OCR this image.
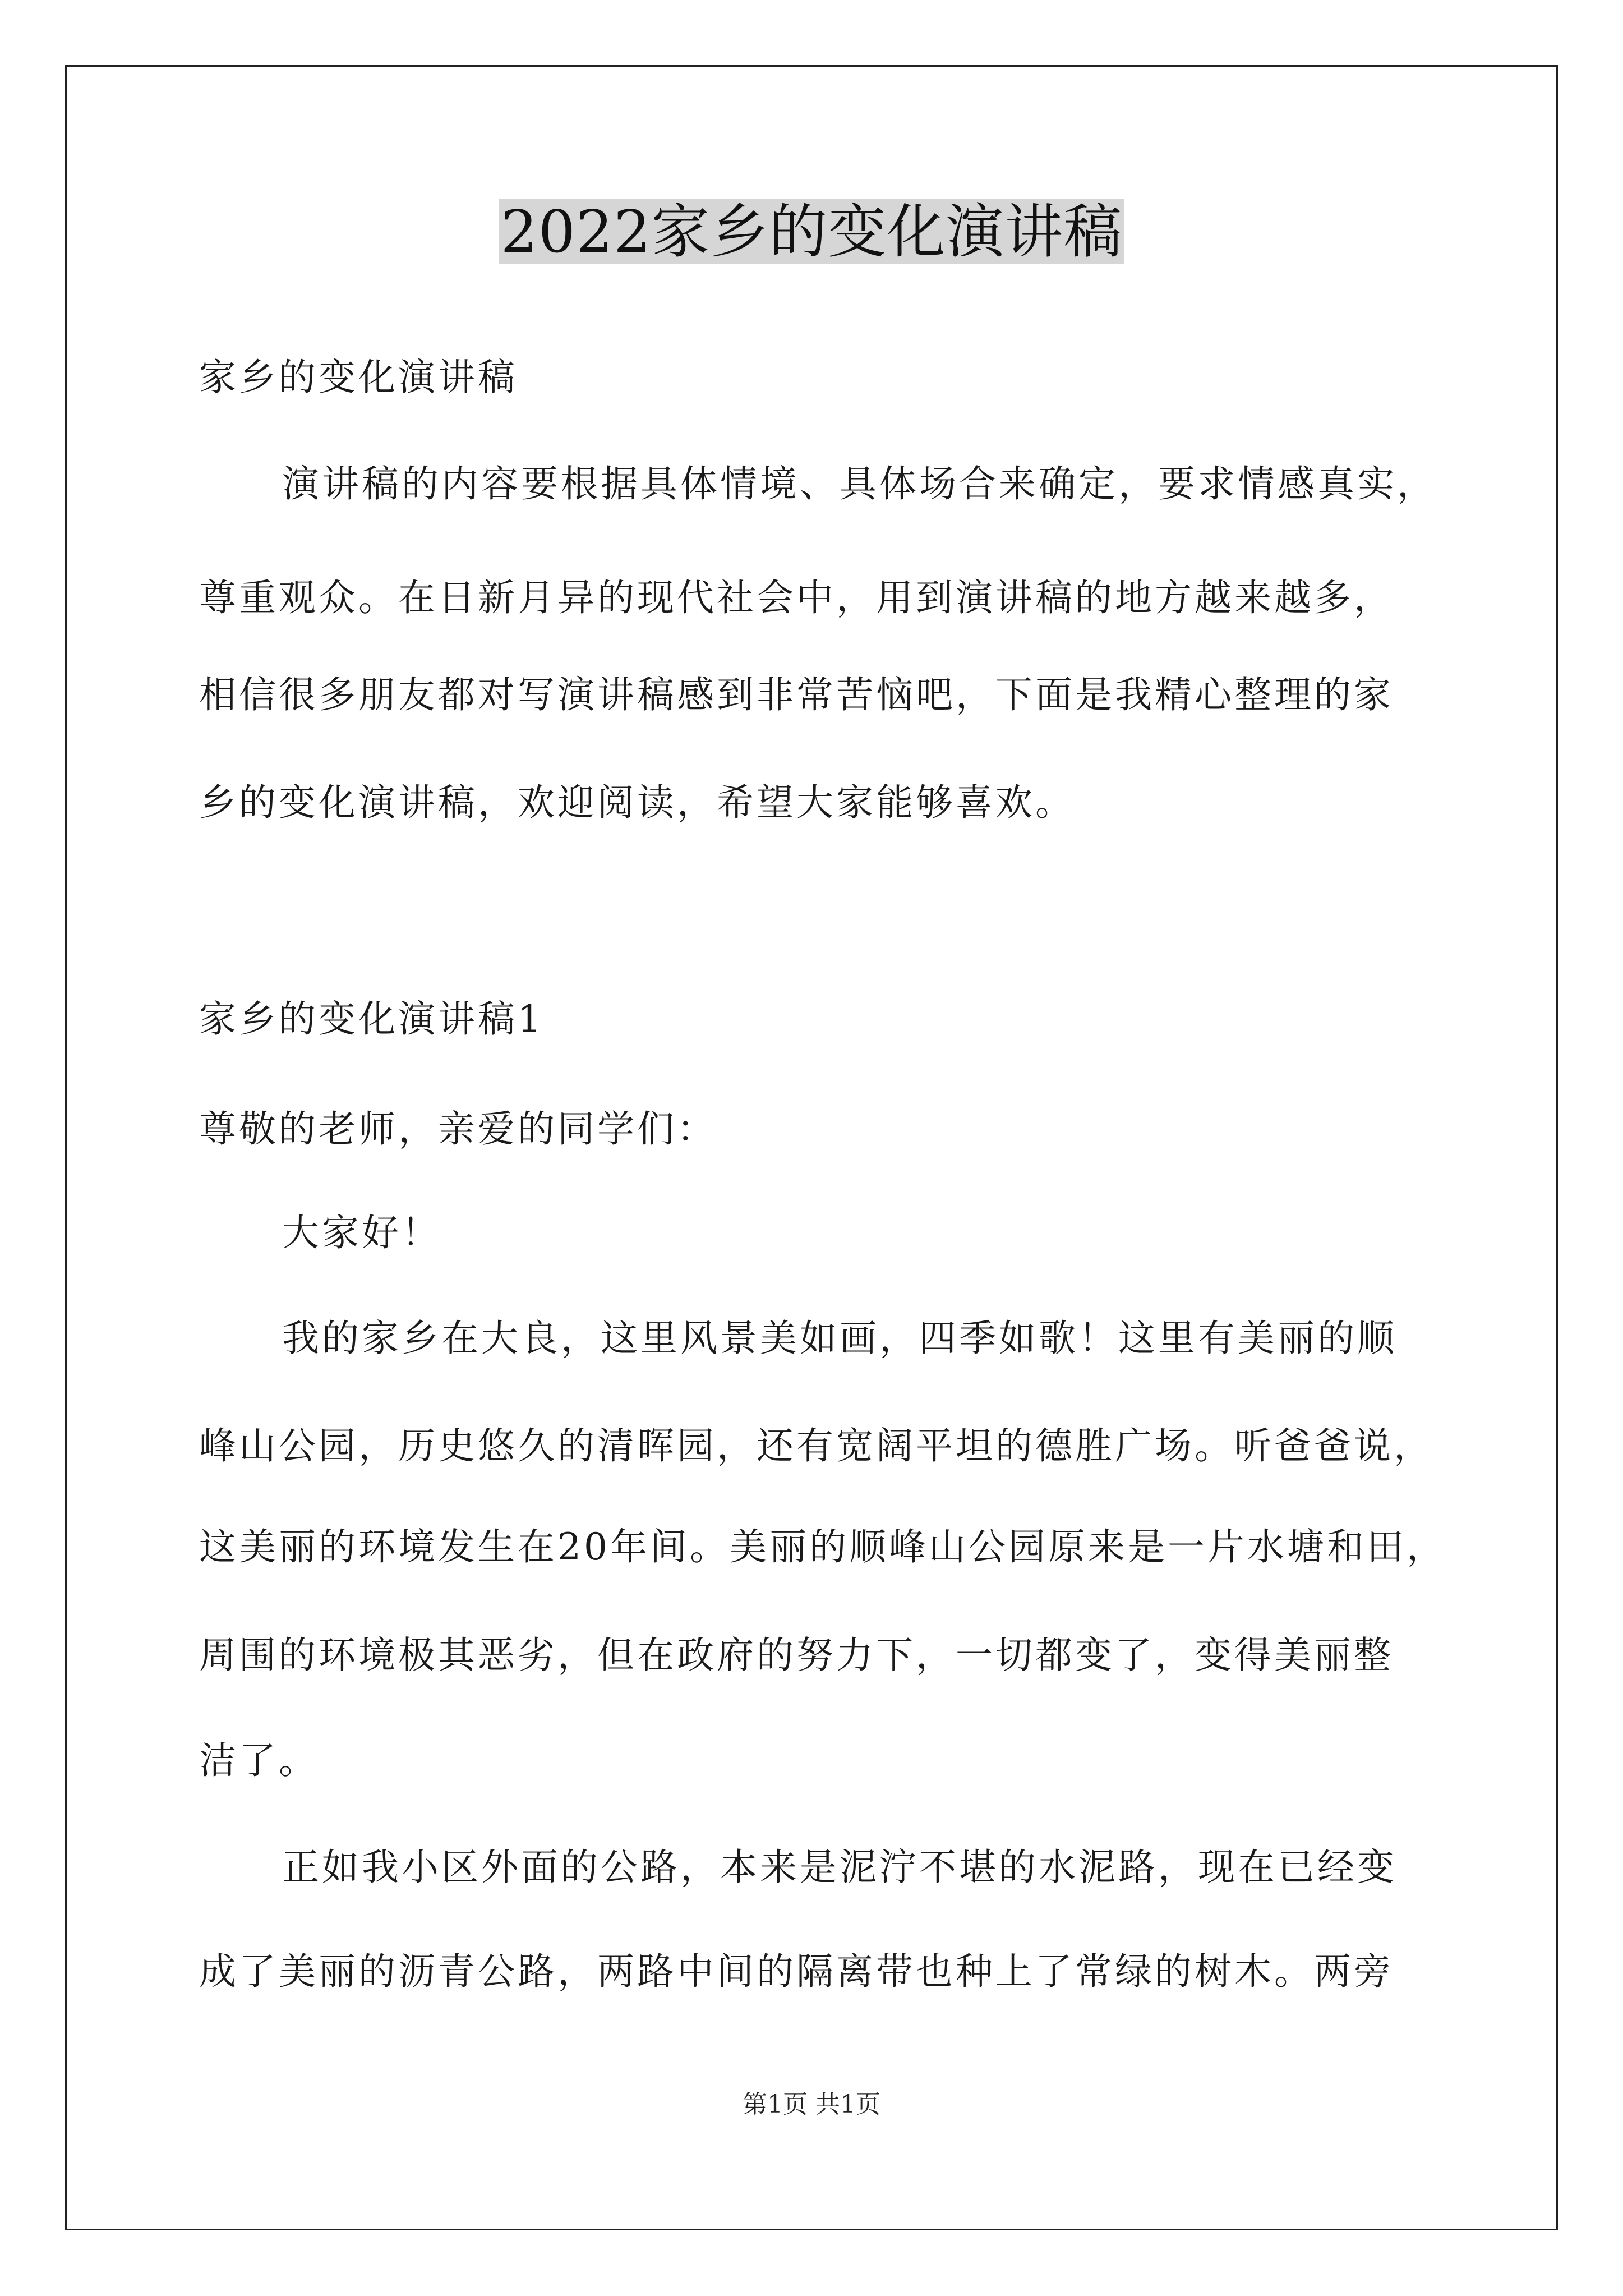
2022家乡的变化演讲稿

家乡的变化演讲稿

演讲稿的内容要根据具体情境、具体场合来确定，要求情感真实，

尊重观众。在日新月异的现代社会中，用到演讲稿的地方越来越多，

相信很多朋友都对写演讲稿感到非常苦恼吧，下面是我精心整理的家

乡的变化演讲稿，欢迎阅读，希望大家能够喜欢。

家乡的变化演讲稿1

尊敬的老师，亲爱的同学们：

大家好！

我的家乡在大良，这里风景美如画，四季如歌！这里有美丽的顺

峰山公园，历史悠久的清晖园，还有宽阔平坦的德胜广场。听爸爸说，

这美丽的环境发生在20年间。美丽的顺峰山公园原来是一片水塘和田，

周围的环境极其恶劣，但在政府的努力下，一切都变了，变得美丽整

洁了。

正如我小区外面的公路，本来是泥泞不堪的水泥路，现在已经变

成了美丽的沥青公路，两路中间的隔离带也种上了常绿的树木。两旁

第1页 共1页
